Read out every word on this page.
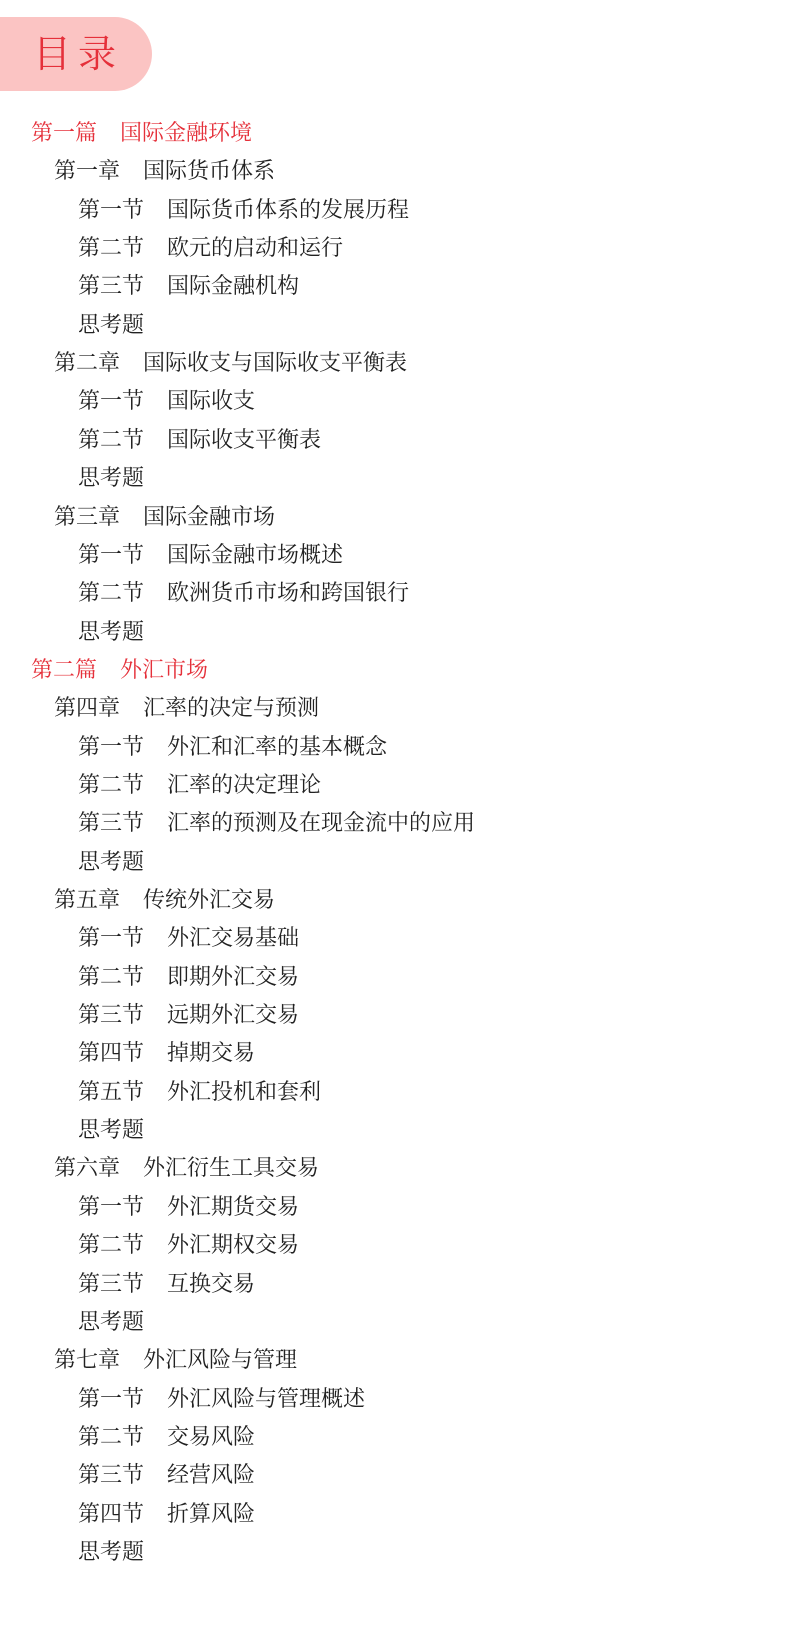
目录
第一篇 国际金融环境
第一章 国际货币体系
第一节 国际货币体系的发展历程
第二节 欧元的启动和运行
第三节 国际金融机构
思考题
第二章 国际收支与国际收支平衡表
第一节 国际收支
第二节 国际收支平衡表
思考题
第三章 国际金融市场
第一节 国际金融市场概述
第二节 欧洲货币市场和跨国银行
思考题
第二篇 外汇市场
第四章 汇率的决定与预测
第一节 外汇和汇率的基本概念
第二节 汇率的决定理论
第三节 汇率的预测及在现金流中的应用
思考题
第五章 传统外汇交易
第一节 外汇交易基础
第二节 即期外汇交易
第三节 远期外汇交易
第四节 掉期交易
第五节 外汇投机和套利
思考题
第六章 外汇衍生工具交易
第一节 外汇期货交易
第二节 外汇期权交易
第三节 互换交易
思考题
第七章 外汇风险与管理
第一节 外汇风险与管理概述
第二节 交易风险
第三节 经营风险
第四节 折算风险
思考题
